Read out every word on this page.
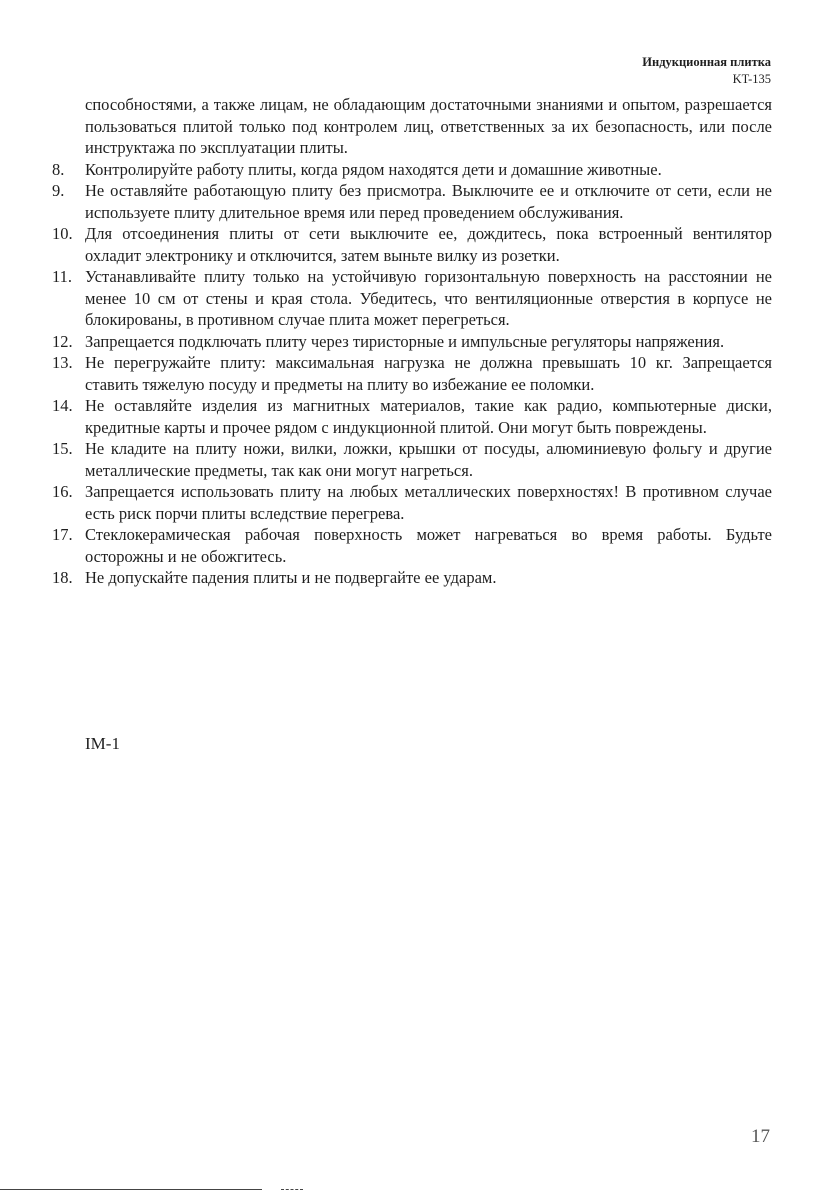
Индукционная плитка
KT-135

способностями, а также лицам, не обладающим достаточными знаниями и опытом, разрешается пользоваться плитой только под контролем лиц, ответственных за их безопасность, или после инструктажа по эксплуатации плиты.

8.	Контролируйте работу плиты, когда рядом находятся дети и домашние животные.
9.	Не оставляйте работающую плиту без присмотра. Выключите ее и отключите от сети, если не используете плиту длительное время или перед проведением обслуживания.
10. Для отсоединения плиты от сети выключите ее, дождитесь, пока встроенный вентилятор охладит электронику и отключится, затем выньте вилку из розетки.
11. Устанавливайте плиту только на устойчивую горизонтальную поверхность на расстоянии не менее 10 см от стены и края стола. Убедитесь, что вентиляционные отверстия в корпусе не блокированы, в противном случае плита может перегреться.
12. Запрещается подключать плиту через тиристорные и импульсные регуляторы напряжения.
13. Не перегружайте плиту: максимальная нагрузка не должна превышать 10 кг. Запрещается ставить тяжелую посуду и предметы на плиту во избежание ее поломки.
14. Не оставляйте изделия из магнитных материалов, такие как радио, компьютерные диски, кредитные карты и прочее рядом с индукционной плитой. Они могут быть повреждены.
15. Не кладите на плиту ножи, вилки, ложки, крышки от посуды, алюминиевую фольгу и другие металлические предметы, так как они могут нагреться.
16. Запрещается использовать плиту на любых металлических поверхностях! В противном случае есть риск порчи плиты вследствие перегрева.
17. Стеклокерамическая рабочая поверхность может нагреваться во время работы. Будьте осторожны и не обожгитесь.
18. Не допускайте падения плиты и не подвергайте ее ударам.
IM-1
17
